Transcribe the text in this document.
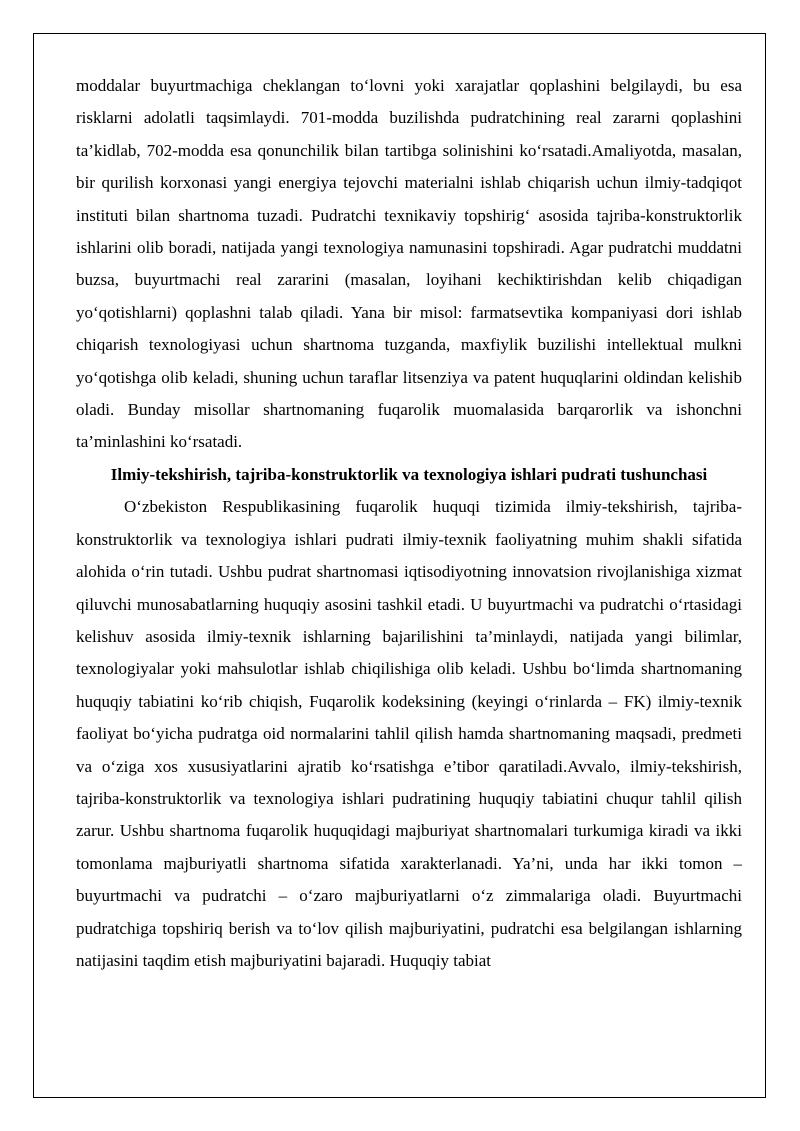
moddalar buyurtmachiga cheklangan to‘lovni yoki xarajatlar qoplashini belgilaydi, bu esa risklarni adolatli taqsimlaydi. 701-modda buzilishda pudratchining real zararni qoplashini ta’kidlab, 702-modda esa qonunchilik bilan tartibga solinishini ko‘rsatadi.Amaliyotda, masalan, bir qurilish korxonasi yangi energiya tejovchi materialni ishlab chiqarish uchun ilmiy-tadqiqot instituti bilan shartnoma tuzadi. Pudratchi texnikaviy topshirig‘ asosida tajriba-konstruktorlik ishlarini olib boradi, natijada yangi texnologiya namunasini topshiradi. Agar pudratchi muddatni buzsa, buyurtmachi real zararini (masalan, loyihani kechiktirishdan kelib chiqadigan yo‘qotishlarni) qoplashni talab qiladi. Yana bir misol: farmatsevtika kompaniyasi dori ishlab chiqarish texnologiyasi uchun shartnoma tuzganda, maxfiylik buzilishi intellektual mulkni yo‘qotishga olib keladi, shuning uchun taraflar litsenziya va patent huquqlarini oldindan kelishib oladi. Bunday misollar shartnomaning fuqarolik muomalasida barqarorlik va ishonchni ta’minlashini ko‘rsatadi.

Ilmiy-tekshirish, tajriba-konstruktorlik va texnologiya ishlari pudrati tushunchasi

O‘zbekiston Respublikasining fuqarolik huquqi tizimida ilmiy-tekshirish, tajriba-konstruktorlik va texnologiya ishlari pudrati ilmiy-texnik faoliyatning muhim shakli sifatida alohida o‘rin tutadi. Ushbu pudrat shartnomasi iqtisodiyotning innovatsion rivojlanishiga xizmat qiluvchi munosabatlarning huquqiy asosini tashkil etadi. U buyurtmachi va pudratchi o‘rtasidagi kelishuv asosida ilmiy-texnik ishlarning bajarilishini ta’minlaydi, natijada yangi bilimlar, texnologiyalar yoki mahsulotlar ishlab chiqilishiga olib keladi. Ushbu bo‘limda shartnomaning huquqiy tabiatini ko‘rib chiqish, Fuqarolik kodeksining (keyingi o‘rinlarda – FK) ilmiy-texnik faoliyat bo‘yicha pudratga oid normalarini tahlil qilish hamda shartnomaning maqsadi, predmeti va o‘ziga xos xususiyatlarini ajratib ko‘rsatishga e’tibor qaratiladi.Avvalo, ilmiy-tekshirish, tajriba-konstruktorlik va texnologiya ishlari pudratining huquqiy tabiatini chuqur tahlil qilish zarur. Ushbu shartnoma fuqarolik huquqidagi majburiyat shartnomalari turkumiga kiradi va ikki tomonlama majburiyatli shartnoma sifatida xarakterlanadi. Ya’ni, unda har ikki tomon – buyurtmachi va pudratchi – o‘zaro majburiyatlarni o‘z zimmalariga oladi. Buyurtmachi pudratchiga topshiriq berish va to‘lov qilish majburiyatini, pudratchi esa belgilangan ishlarning natijasini taqdim etish majburiyatini bajaradi. Huquqiy tabiat
